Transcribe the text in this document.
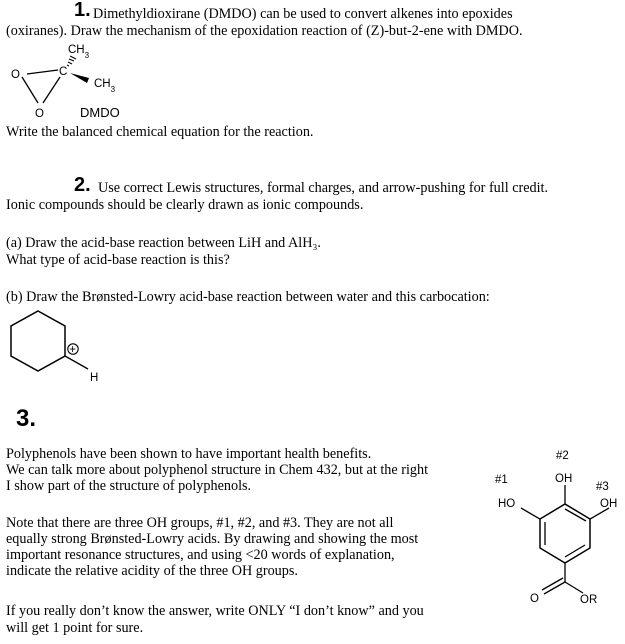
1. Dimethyldioxirane (DMDO) can be used to convert alkenes into epoxides
(oxiranes). Draw the mechanism of the epoxidation reaction of (Z)-but-2-ene with DMDO.
O	C
O
$CH_3$
$CH_3$
DMDO
Write the balanced chemical equation for the reaction.
2. Use correct Lewis structures, formal charges, and arrow-pushing for full credit.
Ionic compounds should be clearly drawn as ionic compounds.
(a) Draw the acid-base reaction between LiH and AlH₃.
What type of acid-base reaction is this?
(b) Draw the Brønsted-Lowry acid-base reaction between water and this carbocation:
+
H
3.
Polyphenols have been shown to have important health benefits.
We can talk more about polyphenol structure in Chem 432, but at the right
I show part of the structure of polyphenols.
Note that there are three OH groups, #1, #2, and #3. They are not all
equally strong Brønsted-Lowry acids. By drawing and showing the most
important resonance structures, and using <20 words of explanation,
indicate the relative acidity of the three OH groups.
If you really don’t know the answer, write ONLY “I don’t know” and you
will get 1 point for sure.
#1
#2
#3
OH
HO	OH
O	OR
